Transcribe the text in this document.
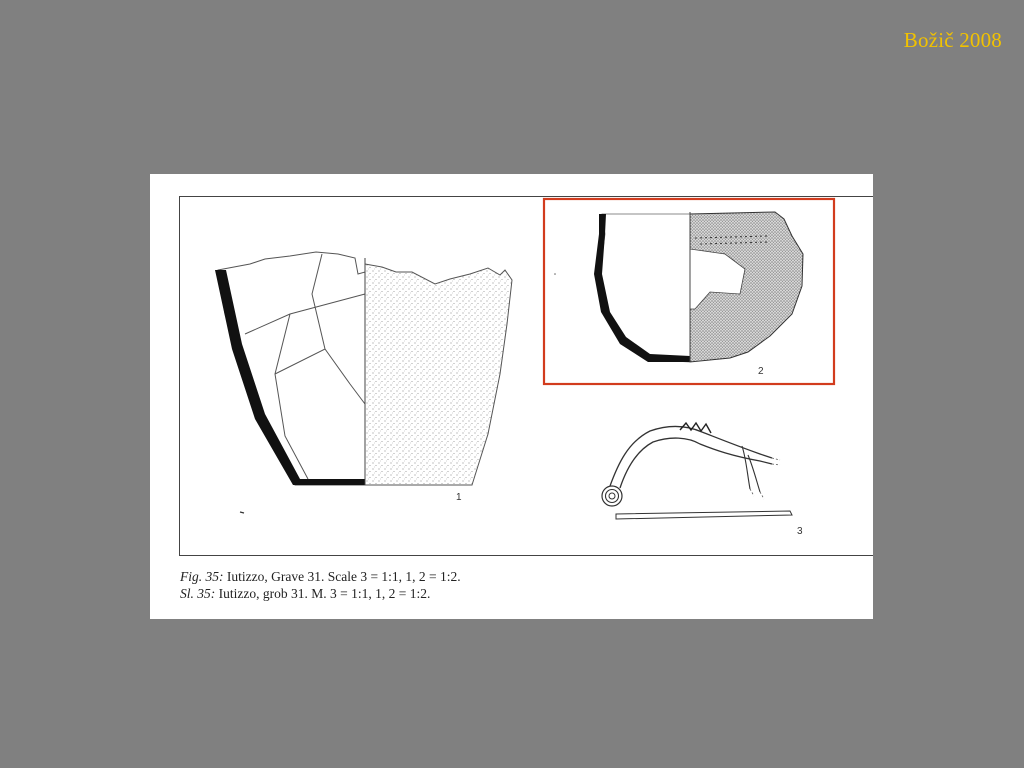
Božič 2008
1
2
3
Fig. 35: Iutizzo, Grave 31. Scale 3 = 1:1, 1, 2 = 1:2.
Sl. 35: Iutizzo, grob 31. M. 3 = 1:1, 1, 2 = 1:2.
